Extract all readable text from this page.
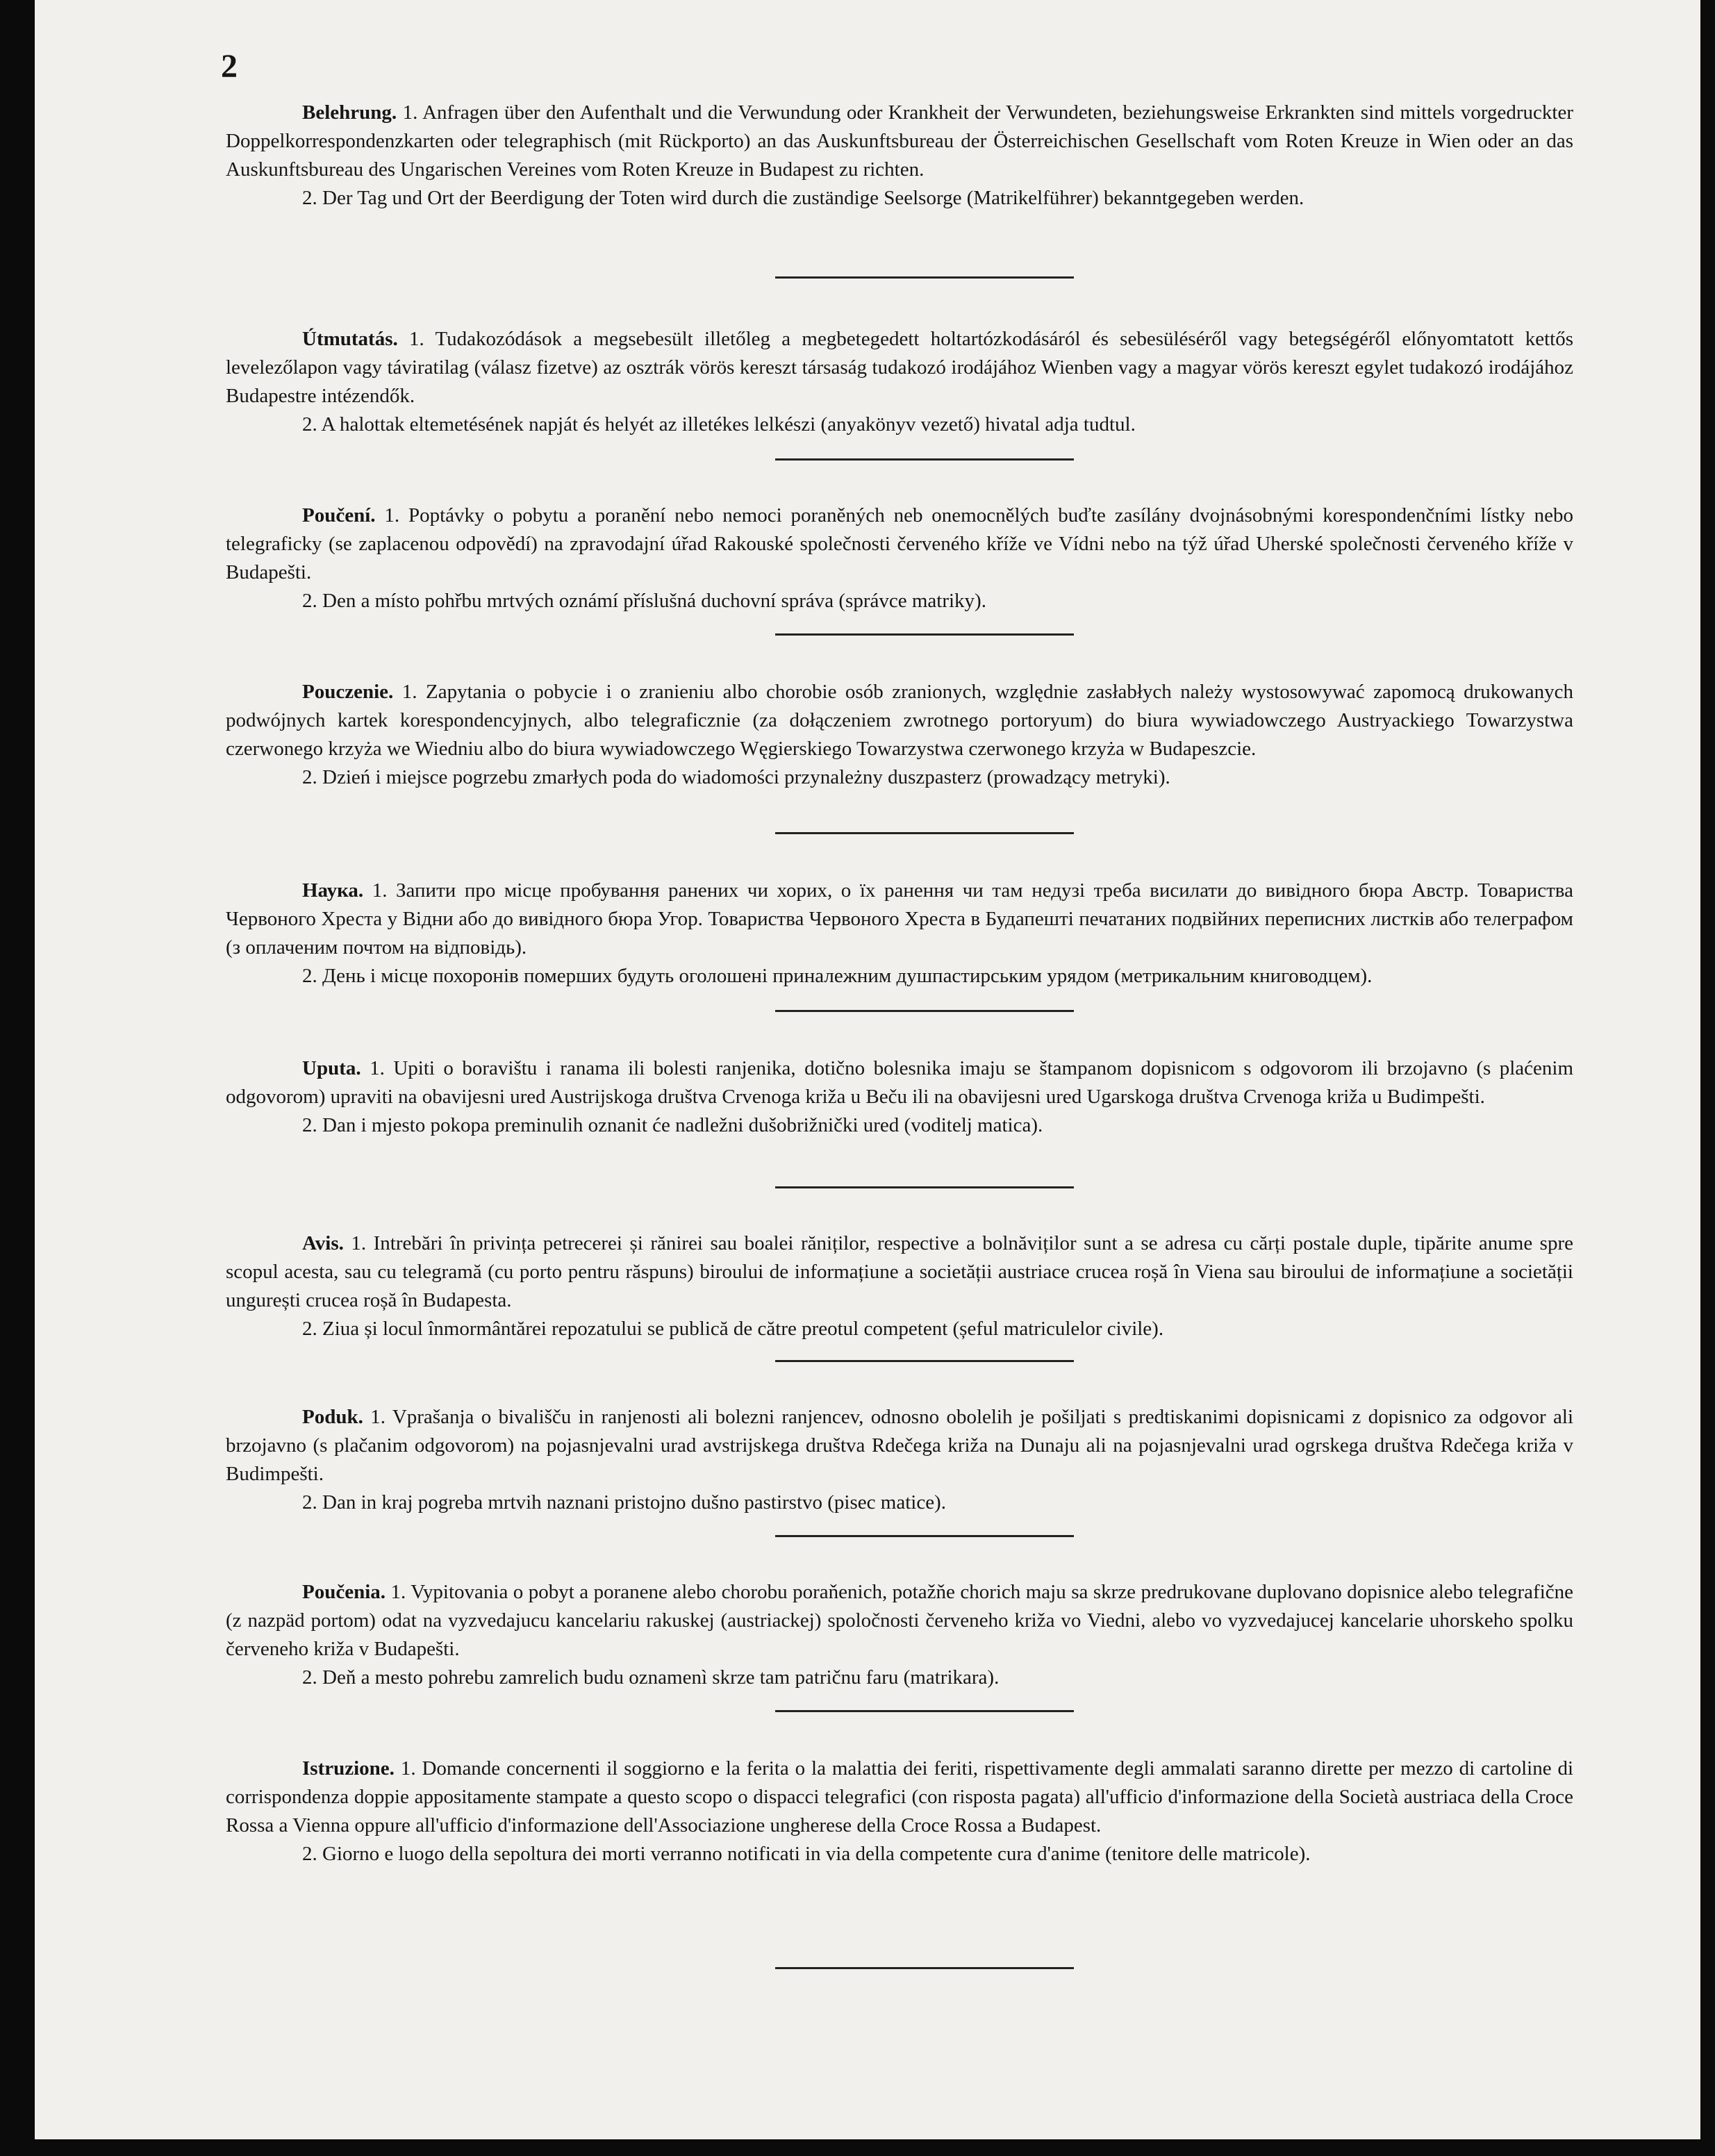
2

Belehrung. 1. Anfragen über den Aufenthalt und die Verwundung oder Krankheit der Verwundeten, beziehungsweise Erkrankten sind mittels vorgedruckter Doppelkorrespondenzkarten oder telegraphisch (mit Rückporto) an das Auskunftsbureau der Österreichischen Gesellschaft vom Roten Kreuze in Wien oder an das Auskunftsbureau des Ungarischen Vereines vom Roten Kreuze in Budapest zu richten.

2. Der Tag und Ort der Beerdigung der Toten wird durch die zuständige Seelsorge (Matrikelführer) bekanntgegeben werden.

Útmutatás. 1. Tudakozódások a megsebesült illetőleg a megbetegedett holtartózkodásáról és sebesüléséről vagy betegségéről előnyomtatott kettős levelezőlapon vagy táviratilag (válasz fizetve) az osztrák vörös kereszt társaság tudakozó irodájához Wienben vagy a magyar vörös kereszt egylet tudakozó irodájához Budapestre intézendők.

2. A halottak eltemetésének napját és helyét az illetékes lelkészi (anyakönyv vezető) hivatal adja tudtul.

Poučení. 1. Poptávky o pobytu a poranění nebo nemoci poraněných neb onemocnělých buďte zasílány dvojnásobnými korespondenčními lístky nebo telegraficky (se zaplacenou odpovědí) na zpravodajní úřad Rakouské společnosti červeného kříže ve Vídni nebo na týž úřad Uherské společnosti červeného kříže v Budapešti.

2. Den a místo pohřbu mrtvých oznámí příslušná duchovní správa (správce matriky).

Pouczenie. 1. Zapytania o pobycie i o zranieniu albo chorobie osób zranionych, względnie zasłabłych należy wystosowywać zapomocą drukowanych podwójnych kartek korespondencyjnych, albo telegraficznie (za dołączeniem zwrotnego portoryum) do biura wywiadowczego Austryackiego Towarzystwa czerwonego krzyża we Wiedniu albo do biura wywiadowczego Węgierskiego Towarzystwa czerwonego krzyża w Budapeszcie.

2. Dzień i miejsce pogrzebu zmarłych poda do wiadomości przynależny duszpasterz (prowadzący metryki).

Наука. 1. Запити про місце пробування ранених чи хорих, о їх ранення чи там недузі треба висилати до вивідного бюра Австр. Товариства Червоного Хреста у Відни або до вивідного бюра Угор. Товариства Червоного Хреста в Будапешті печатаних подвійних переписних листків або телеграфом (з оплаченим почтом на відповідь).

2. День і місце похоронів померших будуть оголошені приналежним душпастирським урядом (метрикальним книговодцем).

Uputa. 1. Upiti o boravištu i ranama ili bolesti ranjenika, dotično bolesnika imaju se štampanom dopisnicom s odgovorom ili brzojavno (s plaćenim odgovorom) upraviti na obavijesni ured Austrijskoga društva Crvenoga križa u Beču ili na obavijesni ured Ugarskoga društva Crvenoga križa u Budimpešti.

2. Dan i mjesto pokopa preminulih oznanit će nadležni dušobrižnički ured (voditelj matica).

Avis. 1. Intrebări în privința petrecerei și rănirei sau boalei răniților, respective a bolnăviților sunt a se adresa cu cărți postale duple, tipărite anume spre scopul acesta, sau cu telegramă (cu porto pentru răspuns) biroului de informațiune a societății austriace crucea roșă în Viena sau biroului de informațiune a societății ungurești crucea roșă în Budapesta.

2. Ziua și locul înmormântărei repozatului se publică de către preotul competent (șeful matriculelor civile).

Poduk. 1. Vprašanja o bivališču in ranjenosti ali bolezni ranjencev, odnosno obolelih je pošiljati s predtiskanimi dopisnicami z dopisnico za odgovor ali brzojavno (s plačanim odgovorom) na pojasnjevalni urad avstrijskega društva Rdečega križa na Dunaju ali na pojasnjevalni urad ogrskega društva Rdečega križa v Budimpešti.

2. Dan in kraj pogreba mrtvih naznani pristojno dušno pastirstvo (pisec matice).

Poučenia. 1. Vypitovania o pobyt a poranene alebo chorobu poraňenich, potažňe chorich maju sa skrze predrukovane duplovano dopisnice alebo telegrafične (z nazpäd portom) odat na vyzvedajucu kancelariu rakuskej (austriackej) spoločnosti červeneho križa vo Viedni, alebo vo vyzvedajucej kancelarie uhorskeho spolku červeneho križa v Budapešti.

2. Deň a mesto pohrebu zamrelich budu oznamenì skrze tam patričnu faru (matrikara).

Istruzione. 1. Domande concernenti il soggiorno e la ferita o la malattia dei feriti, rispettivamente degli ammalati saranno dirette per mezzo di cartoline di corrispondenza doppie appositamente stampate a questo scopo o dispacci telegrafici (con risposta pagata) all'ufficio d'informazione della Società austriaca della Croce Rossa a Vienna oppure all'ufficio d'informazione dell'Associazione ungherese della Croce Rossa a Budapest.

2. Giorno e luogo della sepoltura dei morti verranno notificati in via della competente cura d'anime (tenitore delle matricole).
